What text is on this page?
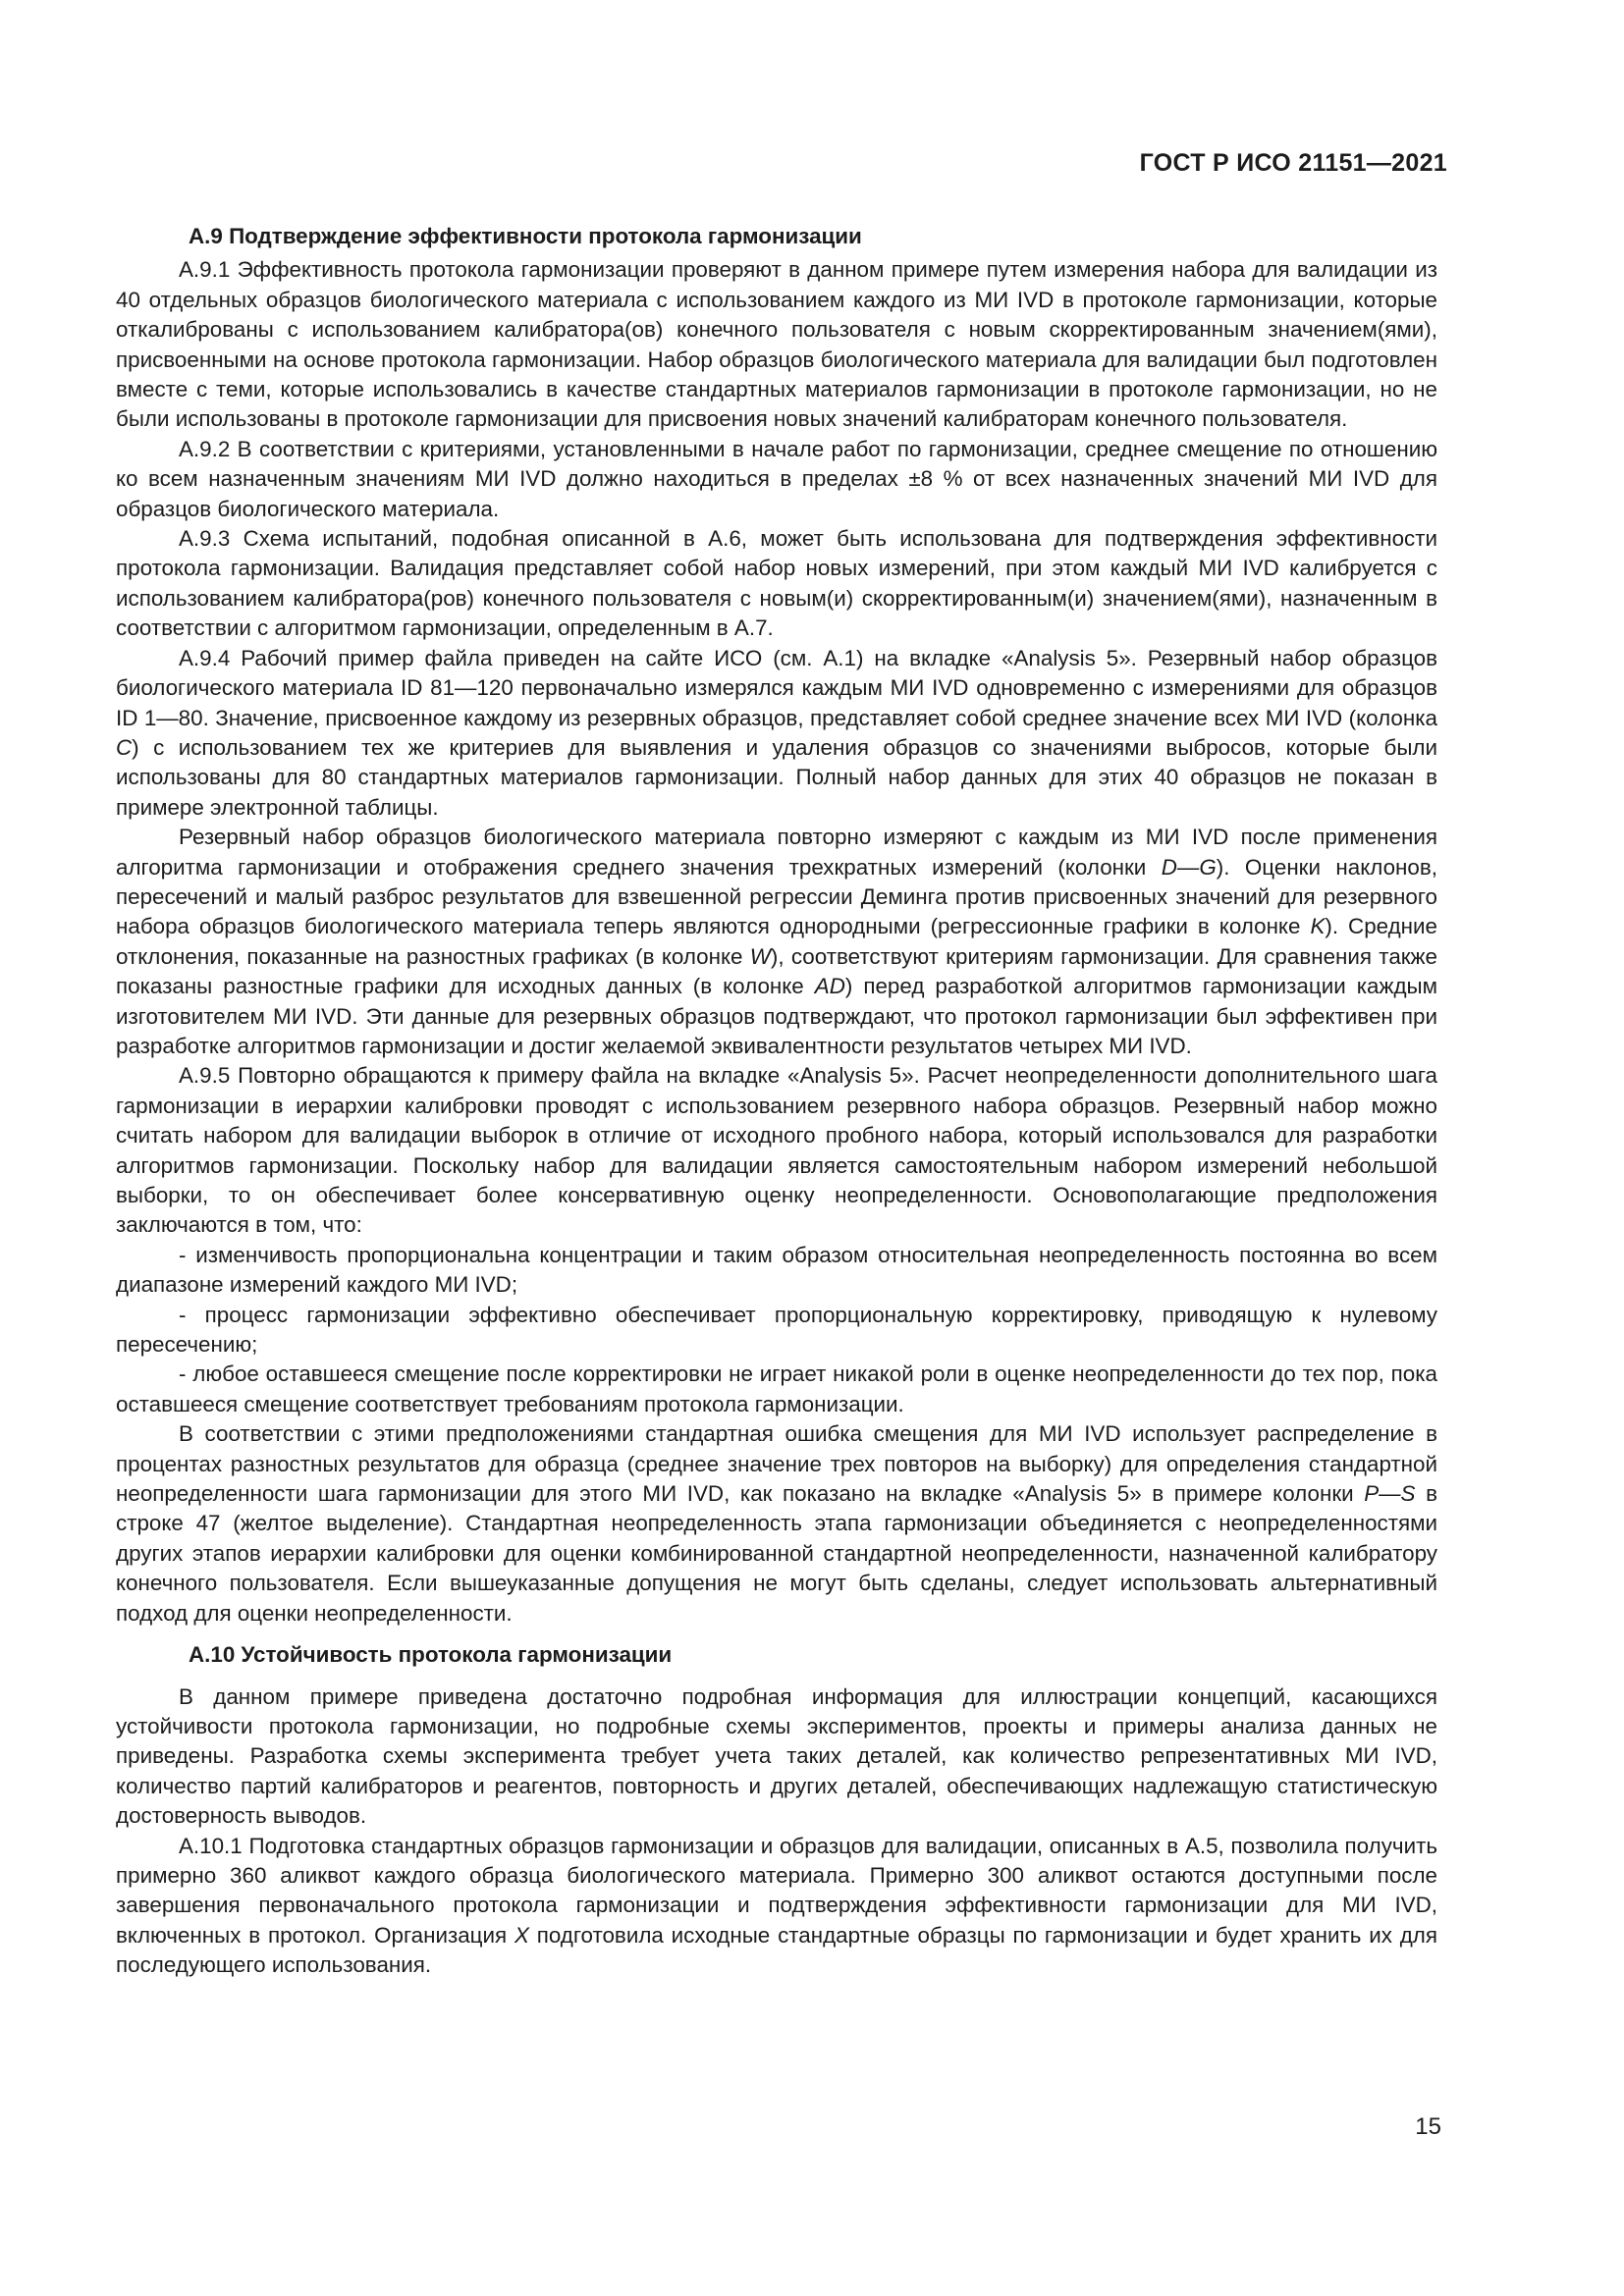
ГОСТ Р ИСО 21151—2021
А.9 Подтверждение эффективности протокола гармонизации

А.9.1 Эффективность протокола гармонизации проверяют в данном примере путем измерения набора для валидации из 40 отдельных образцов биологического материала с использованием каждого из МИ IVD в протоколе гармонизации, которые откалиброваны с использованием калибратора(ов) конечного пользователя с новым скорректированным значением(ями), присвоенными на основе протокола гармонизации. Набор образцов биологического материала для валидации был подготовлен вместе с теми, которые использовались в качестве стандартных материалов гармонизации в протоколе гармонизации, но не были использованы в протоколе гармонизации для присвоения новых значений калибраторам конечного пользователя.

А.9.2 В соответствии с критериями, установленными в начале работ по гармонизации, среднее смещение по отношению ко всем назначенным значениям МИ IVD должно находиться в пределах ±8 % от всех назначенных значений МИ IVD для образцов биологического материала.

А.9.3 Схема испытаний, подобная описанной в А.6, может быть использована для подтверждения эффективности протокола гармонизации. Валидация представляет собой набор новых измерений, при этом каждый МИ IVD калибруется с использованием калибратора(ров) конечного пользователя с новым(и) скорректированным(и) значением(ями), назначенным в соответствии с алгоритмом гармонизации, определенным в А.7.

А.9.4 Рабочий пример файла приведен на сайте ИСО (см. А.1) на вкладке «Analysis 5». Резервный набор образцов биологического материала ID 81—120 первоначально измерялся каждым МИ IVD одновременно с измерениями для образцов ID 1—80. Значение, присвоенное каждому из резервных образцов, представляет собой среднее значение всех МИ IVD (колонка C) с использованием тех же критериев для выявления и удаления образцов со значениями выбросов, которые были использованы для 80 стандартных материалов гармонизации. Полный набор данных для этих 40 образцов не показан в примере электронной таблицы.

Резервный набор образцов биологического материала повторно измеряют с каждым из МИ IVD после применения алгоритма гармонизации и отображения среднего значения трехкратных измерений (колонки D—G). Оценки наклонов, пересечений и малый разброс результатов для взвешенной регрессии Деминга против присвоенных значений для резервного набора образцов биологического материала теперь являются однородными (регрессионные графики в колонке K). Средние отклонения, показанные на разностных графиках (в колонке W), соответствуют критериям гармонизации. Для сравнения также показаны разностные графики для исходных данных (в колонке AD) перед разработкой алгоритмов гармонизации каждым изготовителем МИ IVD. Эти данные для резервных образцов подтверждают, что протокол гармонизации был эффективен при разработке алгоритмов гармонизации и достиг желаемой эквивалентности результатов четырех МИ IVD.

А.9.5 Повторно обращаются к примеру файла на вкладке «Analysis 5». Расчет неопределенности дополнительного шага гармонизации в иерархии калибровки проводят с использованием резервного набора образцов. Резервный набор можно считать набором для валидации выборок в отличие от исходного пробного набора, который использовался для разработки алгоритмов гармонизации. Поскольку набор для валидации является самостоятельным набором измерений небольшой выборки, то он обеспечивает более консервативную оценку неопределенности. Основополагающие предположения заключаются в том, что:

- изменчивость пропорциональна концентрации и таким образом относительная неопределенность постоянна во всем диапазоне измерений каждого МИ IVD;

- процесс гармонизации эффективно обеспечивает пропорциональную корректировку, приводящую к нулевому пересечению;

- любое оставшееся смещение после корректировки не играет никакой роли в оценке неопределенности до тех пор, пока оставшееся смещение соответствует требованиям протокола гармонизации.

В соответствии с этими предположениями стандартная ошибка смещения для МИ IVD использует распределение в процентах разностных результатов для образца (среднее значение трех повторов на выборку) для определения стандартной неопределенности шага гармонизации для этого МИ IVD, как показано на вкладке «Analysis 5» в примере колонки P—S в строке 47 (желтое выделение). Стандартная неопределенность этапа гармонизации объединяется с неопределенностями других этапов иерархии калибровки для оценки комбинированной стандартной неопределенности, назначенной калибратору конечного пользователя. Если вышеуказанные допущения не могут быть сделаны, следует использовать альтернативный подход для оценки неопределенности.

А.10 Устойчивость протокола гармонизации

В данном примере приведена достаточно подробная информация для иллюстрации концепций, касающихся устойчивости протокола гармонизации, но подробные схемы экспериментов, проекты и примеры анализа данных не приведены. Разработка схемы эксперимента требует учета таких деталей, как количество репрезентативных МИ IVD, количество партий калибраторов и реагентов, повторность и других деталей, обеспечивающих надлежащую статистическую достоверность выводов.

А.10.1 Подготовка стандартных образцов гармонизации и образцов для валидации, описанных в А.5, позволила получить примерно 360 аликвот каждого образца биологического материала. Примерно 300 аликвот остаются доступными после завершения первоначального протокола гармонизации и подтверждения эффективности гармонизации для МИ IVD, включенных в протокол. Организация X подготовила исходные стандартные образцы по гармонизации и будет хранить их для последующего использования.

15
